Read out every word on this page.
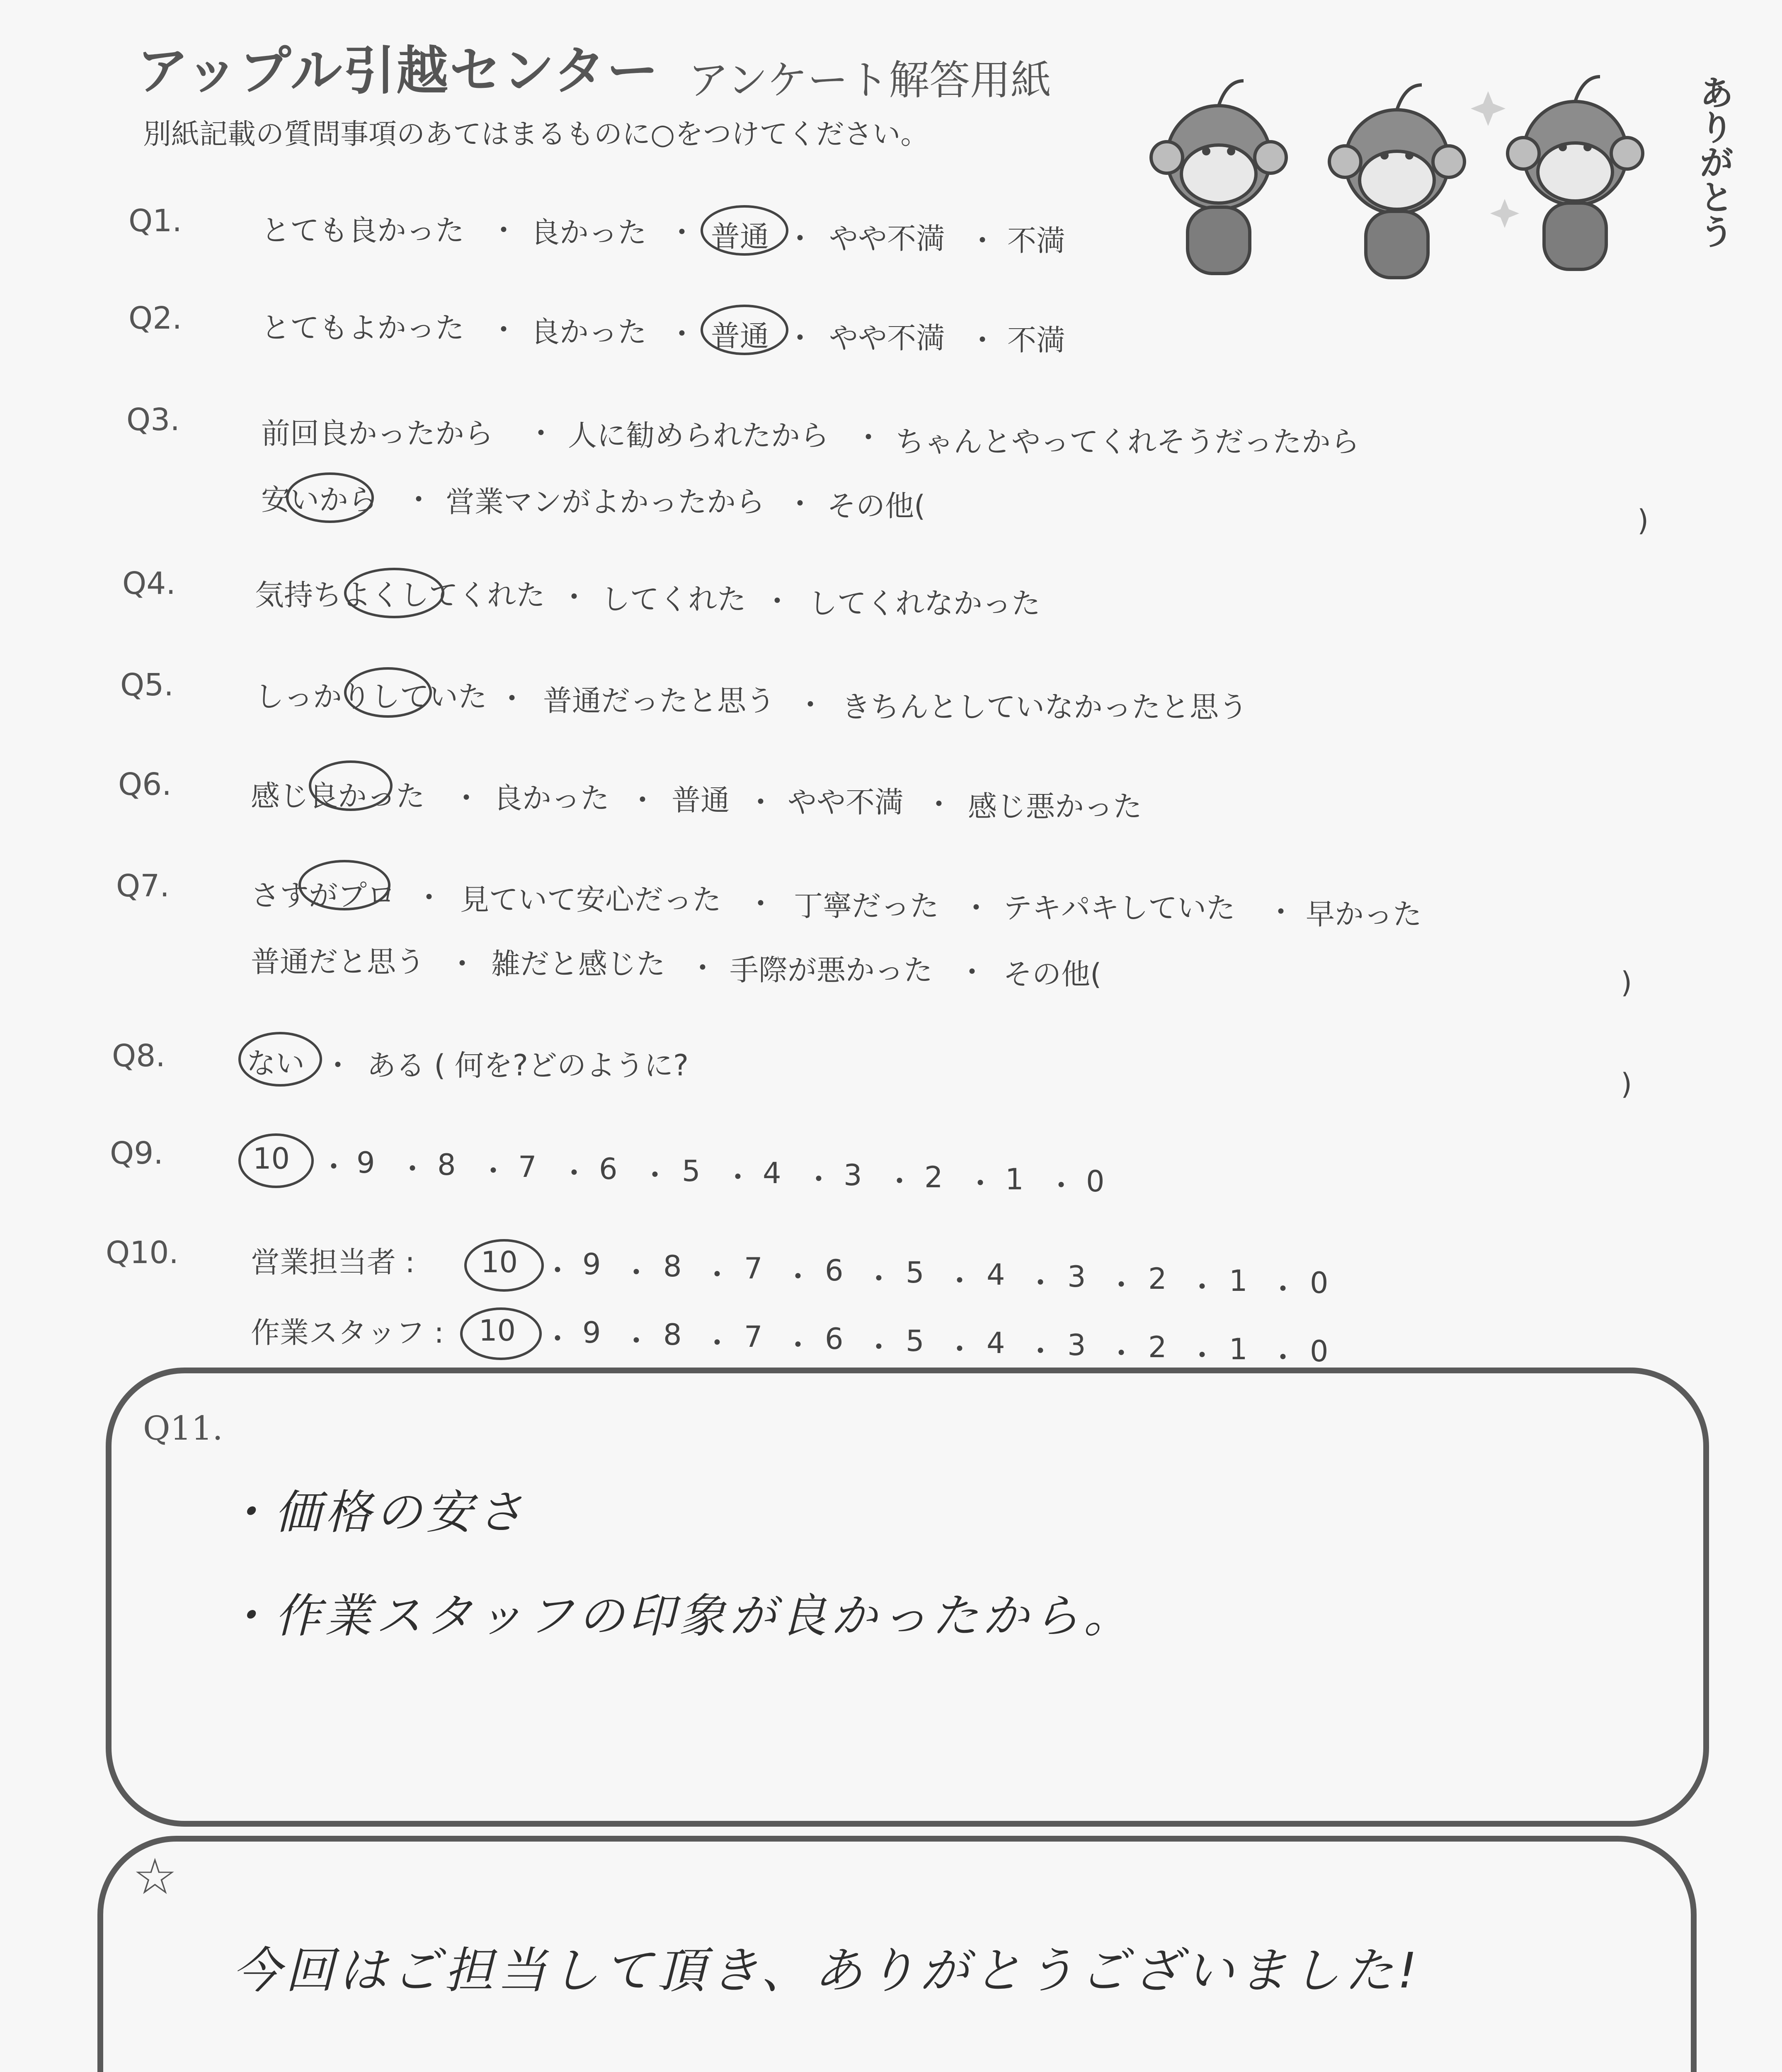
アップル引越センター アンケート解答用紙
別紙記載の質問事項のあてはまるものに○をつけてください。	ありがとう
Q1.	とても良かった ・ 良かった ・ 普通 ・ やや不満 ・ 不満
Q2.	とてもよかった ・ 良かった ・ 普通 ・ やや不満 ・ 不満
Q3.	前回良かったから ・ 人に勧められたから ・ ちゃんとやってくれそうだったから
安いから ・ 営業マンがよかったから ・ その他(	)
Q4.	気持ちよくしてくれた ・ してくれた ・ してくれなかった
Q5.	しっかりしていた ・ 普通だったと思う ・ きちんとしていなかったと思う
Q6.	感じ良かった ・ 良かった ・ 普通 ・ やや不満 ・ 感じ悪かった
Q7.	さすがプロ ・ 見ていて安心だった ・ 丁寧だった ・ テキパキしていた ・ 早かった
普通だと思う ・ 雑だと感じた ・ 手際が悪かった ・ その他(	)
Q8.	ない ・ ある ( 何を?どのように?
)
Q9.	10 ・ 9 ・ 8 ・ 7 ・ 6 ・ 5 ・ 4 ・ 3 ・ 2 ・ 1 ・ 0
Q10. 営業担当者 : 10 ・ 9 ・ 8 ・ 7 ・ 6 ・ 5 ・ 4 ・ 3 ・ 2 ・ 1 ・ 0
作業スタッフ : 10 ・ 9 ・ 8 ・ 7 ・ 6 ・ 5 ・ 4 ・ 3 ・ 2 ・ 1 ・ 0
Q11.
・価格の安さ
・作業スタッフの印象が良かったから。
☆
今回はご担当して頂き、ありがとうございました!
